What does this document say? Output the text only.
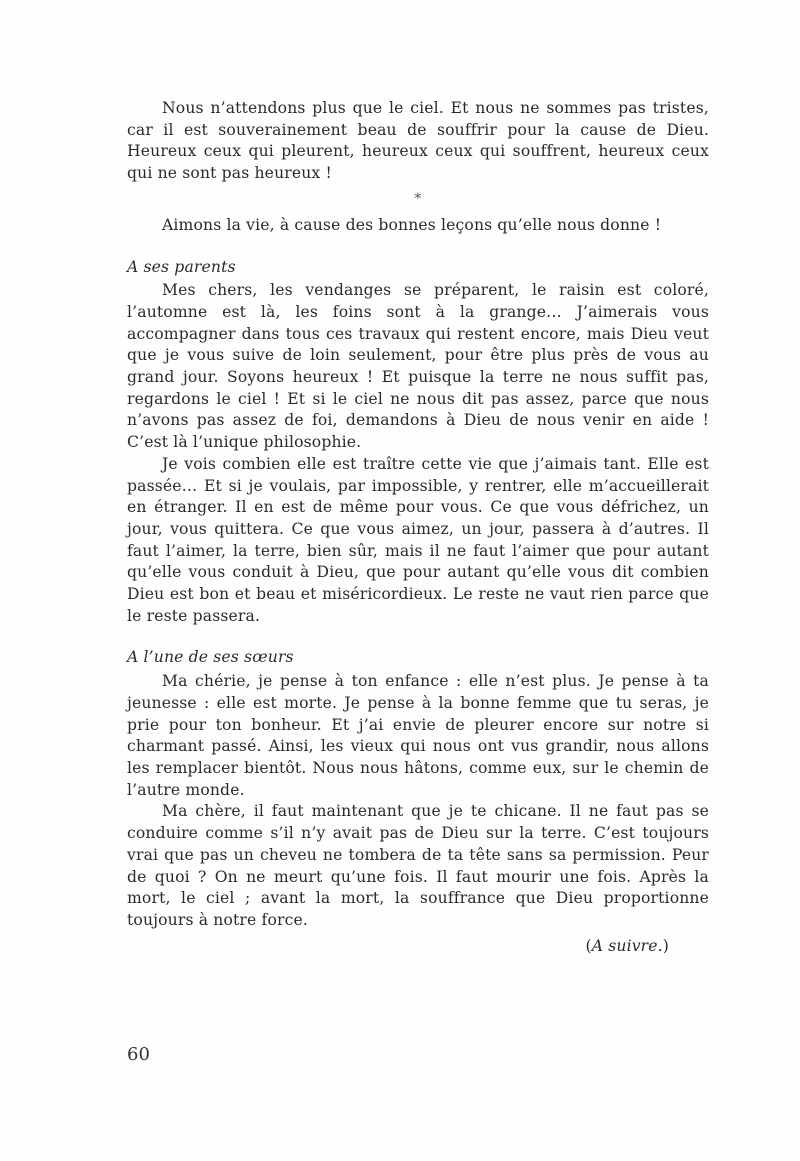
Nous n’attendons plus que le ciel. Et nous ne sommes pas tristes, car il est souverainement beau de souffrir pour la cause de Dieu. Heureux ceux qui pleurent, heureux ceux qui souffrent, heureux ceux qui ne sont pas heureux !

*

Aimons la vie, à cause des bonnes leçons qu’elle nous donne !

A ses parents

Mes chers, les vendanges se préparent, le raisin est coloré, l’automne est là, les foins sont à la grange… J’aimerais vous accompagner dans tous ces travaux qui restent encore, mais Dieu veut que je vous suive de loin seulement, pour être plus près de vous au grand jour. Soyons heureux ! Et puisque la terre ne nous suffit pas, regardons le ciel ! Et si le ciel ne nous dit pas assez, parce que nous n’avons pas assez de foi, demandons à Dieu de nous venir en aide ! C’est là l’unique philosophie.

Je vois combien elle est traître cette vie que j’aimais tant. Elle est passée… Et si je voulais, par impossible, y rentrer, elle m’accueillerait en étranger. Il en est de même pour vous. Ce que vous défrichez, un jour, vous quittera. Ce que vous aimez, un jour, passera à d’autres. Il faut l’aimer, la terre, bien sûr, mais il ne faut l’aimer que pour autant qu’elle vous conduit à Dieu, que pour autant qu’elle vous dit combien Dieu est bon et beau et miséricordieux. Le reste ne vaut rien parce que le reste passera.

A l’une de ses sœurs

Ma chérie, je pense à ton enfance : elle n’est plus. Je pense à ta jeunesse : elle est morte. Je pense à la bonne femme que tu seras, je prie pour ton bonheur. Et j’ai envie de pleurer encore sur notre si charmant passé. Ainsi, les vieux qui nous ont vus grandir, nous allons les remplacer bientôt. Nous nous hâtons, comme eux, sur le chemin de l’autre monde.

Ma chère, il faut maintenant que je te chicane. Il ne faut pas se conduire comme s’il n’y avait pas de Dieu sur la terre. C’est toujours vrai que pas un cheveu ne tombera de ta tête sans sa permission. Peur de quoi ? On ne meurt qu’une fois. Il faut mourir une fois. Après la mort, le ciel ; avant la mort, la souffrance que Dieu proportionne toujours à notre force.

(A suivre.)
60
